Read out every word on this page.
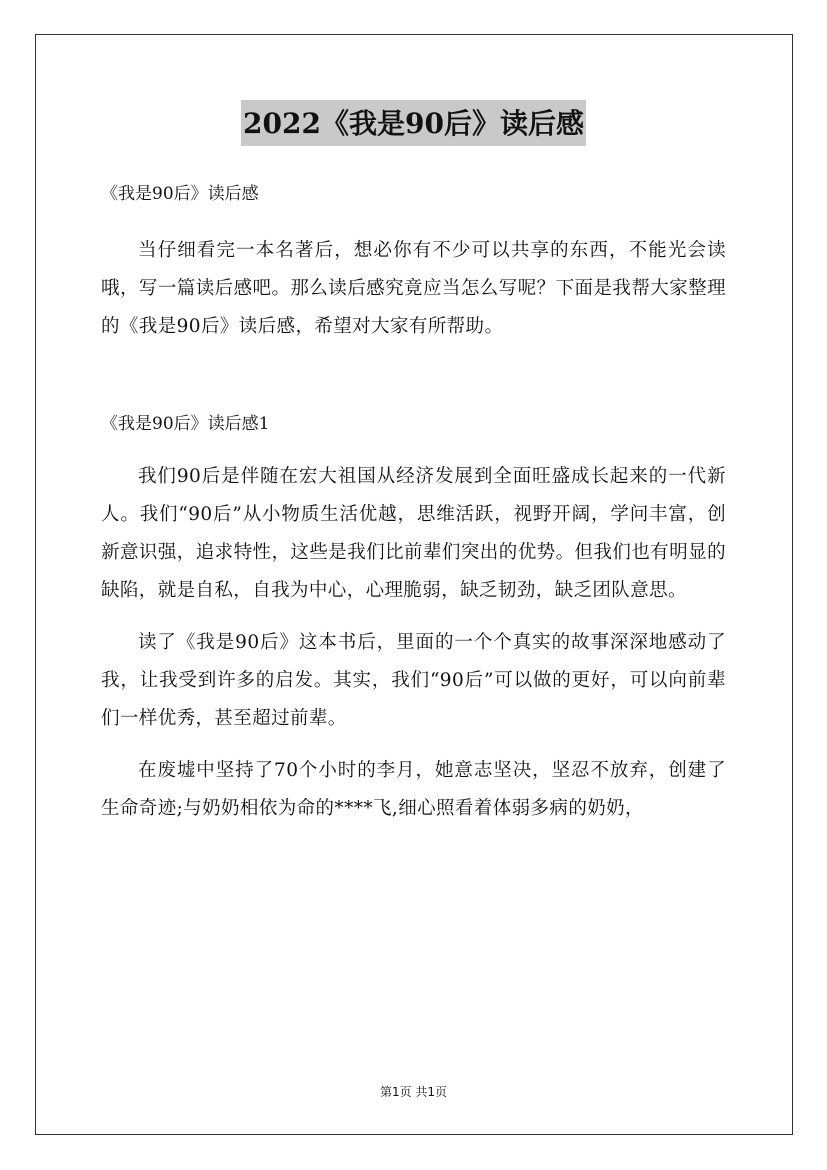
2022《我是90后》读后感

《我是90后》读后感

当仔细看完一本名著后，想必你有不少可以共享的东西，不能光会读哦，写一篇读后感吧。那么读后感究竟应当怎么写呢？下面是我帮大家整理的《我是90后》读后感，希望对大家有所帮助。

《我是90后》读后感1

我们90后是伴随在宏大祖国从经济发展到全面旺盛成长起来的一代新人。我们“90后”从小物质生活优越，思维活跃，视野开阔，学问丰富，创新意识强，追求特性，这些是我们比前辈们突出的优势。但我们也有明显的缺陷，就是自私，自我为中心，心理脆弱，缺乏韧劲，缺乏团队意思。

读了《我是90后》这本书后，里面的一个个真实的故事深深地感动了我，让我受到许多的启发。其实，我们“90后”可以做的更好，可以向前辈们一样优秀，甚至超过前辈。

在废墟中坚持了70个小时的李月，她意志坚决，坚忍不放弃，创建了生命奇迹;与奶奶相依为命的****飞,细心照看着体弱多病的奶奶，

第1页 共1页
